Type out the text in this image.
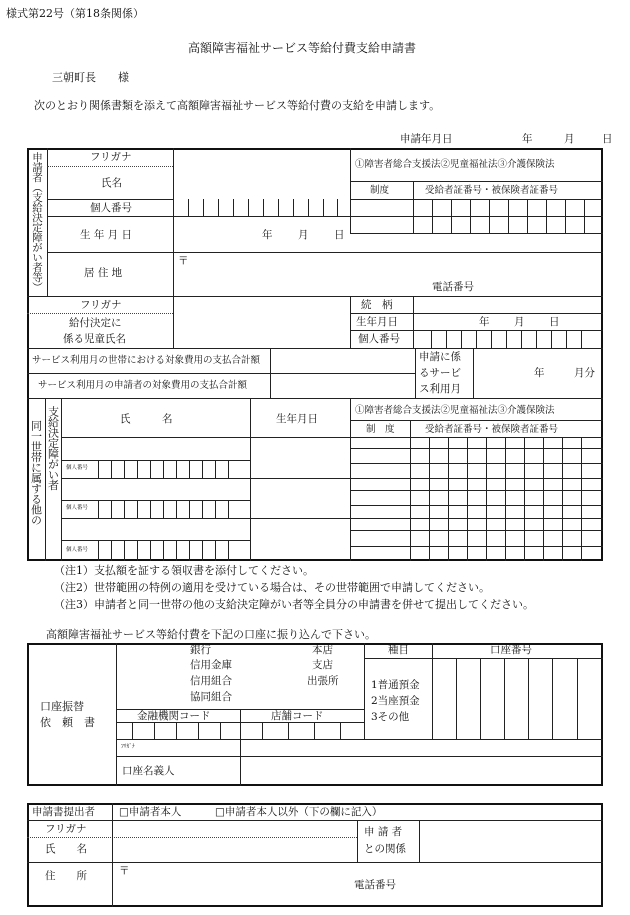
様式第22号（第18条関係）
高額障害福祉サービス等給付費支給申請書
三朝町長　　様
次のとおり関係書類を添えて高額障害福祉サービス等給付費の支給を申請します。
申請年月日	年	月	日
申請者（支給決定障がい者等）	フリガナ
氏名
個人番号
生 年 月 日	年 月 日
居 住 地
〒
電話番号
①障害者総合支援法②児童福祉法③介護保険法
制度	受給者証番号・被保険者証番号
フリガナ
給付決定に
係る児童氏名
続　柄
生年月日	年 月 日
個人番号
サービス利用月の世帯における対象費用の支払合計額
サービス利用月の申請者の対象費用の支払合計額
申請に係
るサービ
ス利用月
年	月分
同一世帯に属する他の 支給決定障がい者	氏　　　名	生年月日
①障害者総合支援法②児童福祉法③介護保険法
制　度	受給者証番号・被保険者証番号
個人番号
個人番号
個人番号
（注1）支払額を証する領収書を添付してください。
（注2）世帯範囲の特例の適用を受けている場合は、その世帯範囲で申請してください。
（注3）申請者と同一世帯の他の支給決定障がい者等全員分の申請書を併せて提出してください。
高額障害福祉サービス等給付費を下記の口座に振り込んで下さい。
口座振替
依　頼　書
銀行
信用金庫
信用組合
協同組合
本店
支店
出張所
種目	口座番号
1普通預金
2当座預金
3その他
金融機関コード	店舗コード
ﾌﾘｶﾞﾅ
口座名義人
申請書提出者 □申請者本人	□申請者本人以外（下の欄に記入）
フリガナ
氏　　名
申 請 者
との関係
住　　所	〒
電話番号
